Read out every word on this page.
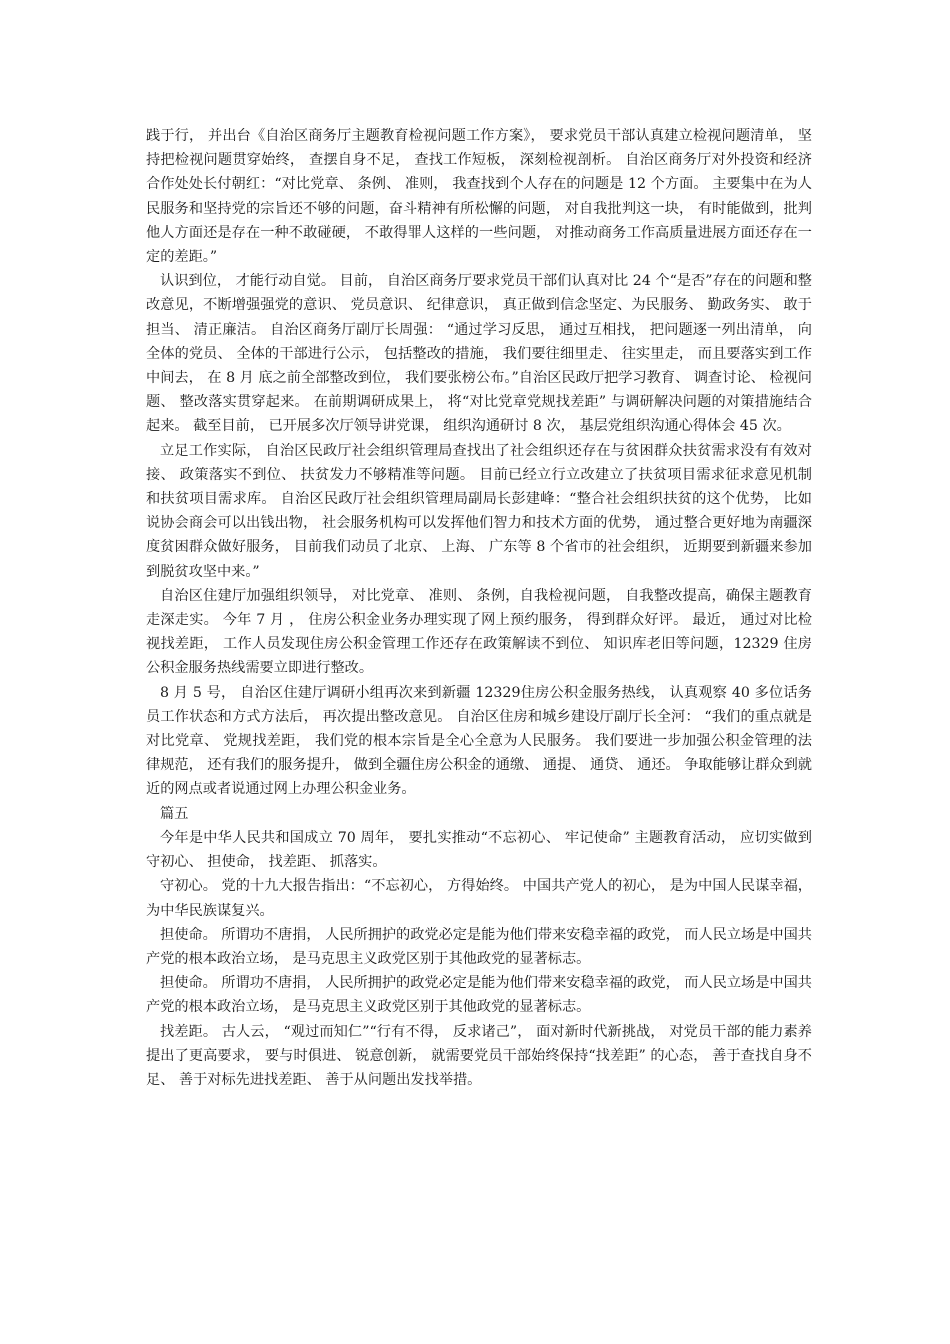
践于行， 并出台《自治区商务厅主题教育检视问题工作方案》， 要求党员干部认真建立检视问题清单， 坚持把检视问题贯穿始终， 查摆自身不足， 查找工作短板， 深刻检视剖析。 自治区商务厅对外投资和经济合作处处长付朝红：“对比党章、 条例、 准则， 我查找到个人存在的问题是 12 个方面。 主要集中在为人民服务和坚持党的宗旨还不够的问题，奋斗精神有所松懈的问题， 对自我批判这一块， 有时能做到，批判他人方面还是存在一种不敢碰硬， 不敢得罪人这样的一些问题， 对推动商务工作高质量进展方面还存在一定的差距。”

认识到位， 才能行动自觉。 目前， 自治区商务厅要求党员干部们认真对比 24 个“是否”存在的问题和整改意见，不断增强强党的意识、 党员意识、 纪律意识， 真正做到信念坚定、为民服务、 勤政务实、 敢于担当、 清正廉洁。 自治区商务厅副厅长周强： “通过学习反思， 通过互相找， 把问题逐一列出清单， 向全体的党员、 全体的干部进行公示， 包括整改的措施， 我们要往细里走、 往实里走， 而且要落实到工作中间去， 在 8 月 底之前全部整改到位， 我们要张榜公布。”自治区民政厅把学习教育、 调查讨论、 检视问题、 整改落实贯穿起来。 在前期调研成果上， 将“对比党章党规找差距” 与调研解决问题的对策措施结合起来。 截至目前， 已开展多次厅领导讲党课， 组织沟通研讨 8 次， 基层党组织沟通心得体会 45 次。

立足工作实际， 自治区民政厅社会组织管理局查找出了社会组织还存在与贫困群众扶贫需求没有有效对接、 政策落实不到位、 扶贫发力不够精准等问题。 目前已经立行立改建立了扶贫项目需求征求意见机制和扶贫项目需求库。 自治区民政厅社会组织管理局副局长彭建峰：“整合社会组织扶贫的这个优势， 比如说协会商会可以出钱出物， 社会服务机构可以发挥他们智力和技术方面的优势， 通过整合更好地为南疆深度贫困群众做好服务， 目前我们动员了北京、 上海、 广东等 8 个省市的社会组织， 近期要到新疆来参加到脱贫攻坚中来。”

自治区住建厅加强组织领导， 对比党章、 准则、 条例，自我检视问题， 自我整改提高，确保主题教育走深走实。 今年 7 月 ， 住房公积金业务办理实现了网上预约服务， 得到群众好评。 最近， 通过对比检视找差距， 工作人员发现住房公积金管理工作还存在政策解读不到位、 知识库老旧等问题，12329 住房公积金服务热线需要立即进行整改。

8 月 5 号， 自治区住建厅调研小组再次来到新疆 12329住房公积金服务热线， 认真观察 40 多位话务员工作状态和方式方法后， 再次提出整改意见。 自治区住房和城乡建设厅副厅长全河： “我们的重点就是对比党章、 党规找差距， 我们党的根本宗旨是全心全意为人民服务。 我们要进一步加强公积金管理的法律规范， 还有我们的服务提升， 做到全疆住房公积金的通缴、 通提、 通贷、 通还。 争取能够让群众到就近的网点或者说通过网上办理公积金业务。

篇五

今年是中华人民共和国成立 70 周年， 要扎实推动“不忘初心、 牢记使命” 主题教育活动， 应切实做到守初心、 担使命， 找差距、 抓落实。

守初心。 党的十九大报告指出：“不忘初心， 方得始终。 中国共产党人的初心， 是为中国人民谋幸福， 为中华民族谋复兴。

担使命。 所谓功不唐捐， 人民所拥护的政党必定是能为他们带来安稳幸福的政党， 而人民立场是中国共产党的根本政治立场， 是马克思主义政党区别于其他政党的显著标志。

担使命。 所谓功不唐捐， 人民所拥护的政党必定是能为他们带来安稳幸福的政党， 而人民立场是中国共产党的根本政治立场， 是马克思主义政党区别于其他政党的显著标志。

找差距。 古人云， “观过而知仁”“行有不得， 反求诸己”， 面对新时代新挑战， 对党员干部的能力素养提出了更高要求， 要与时俱进、 锐意创新， 就需要党员干部始终保持“找差距” 的心态， 善于查找自身不足、 善于对标先进找差距、 善于从问题出发找举措。
